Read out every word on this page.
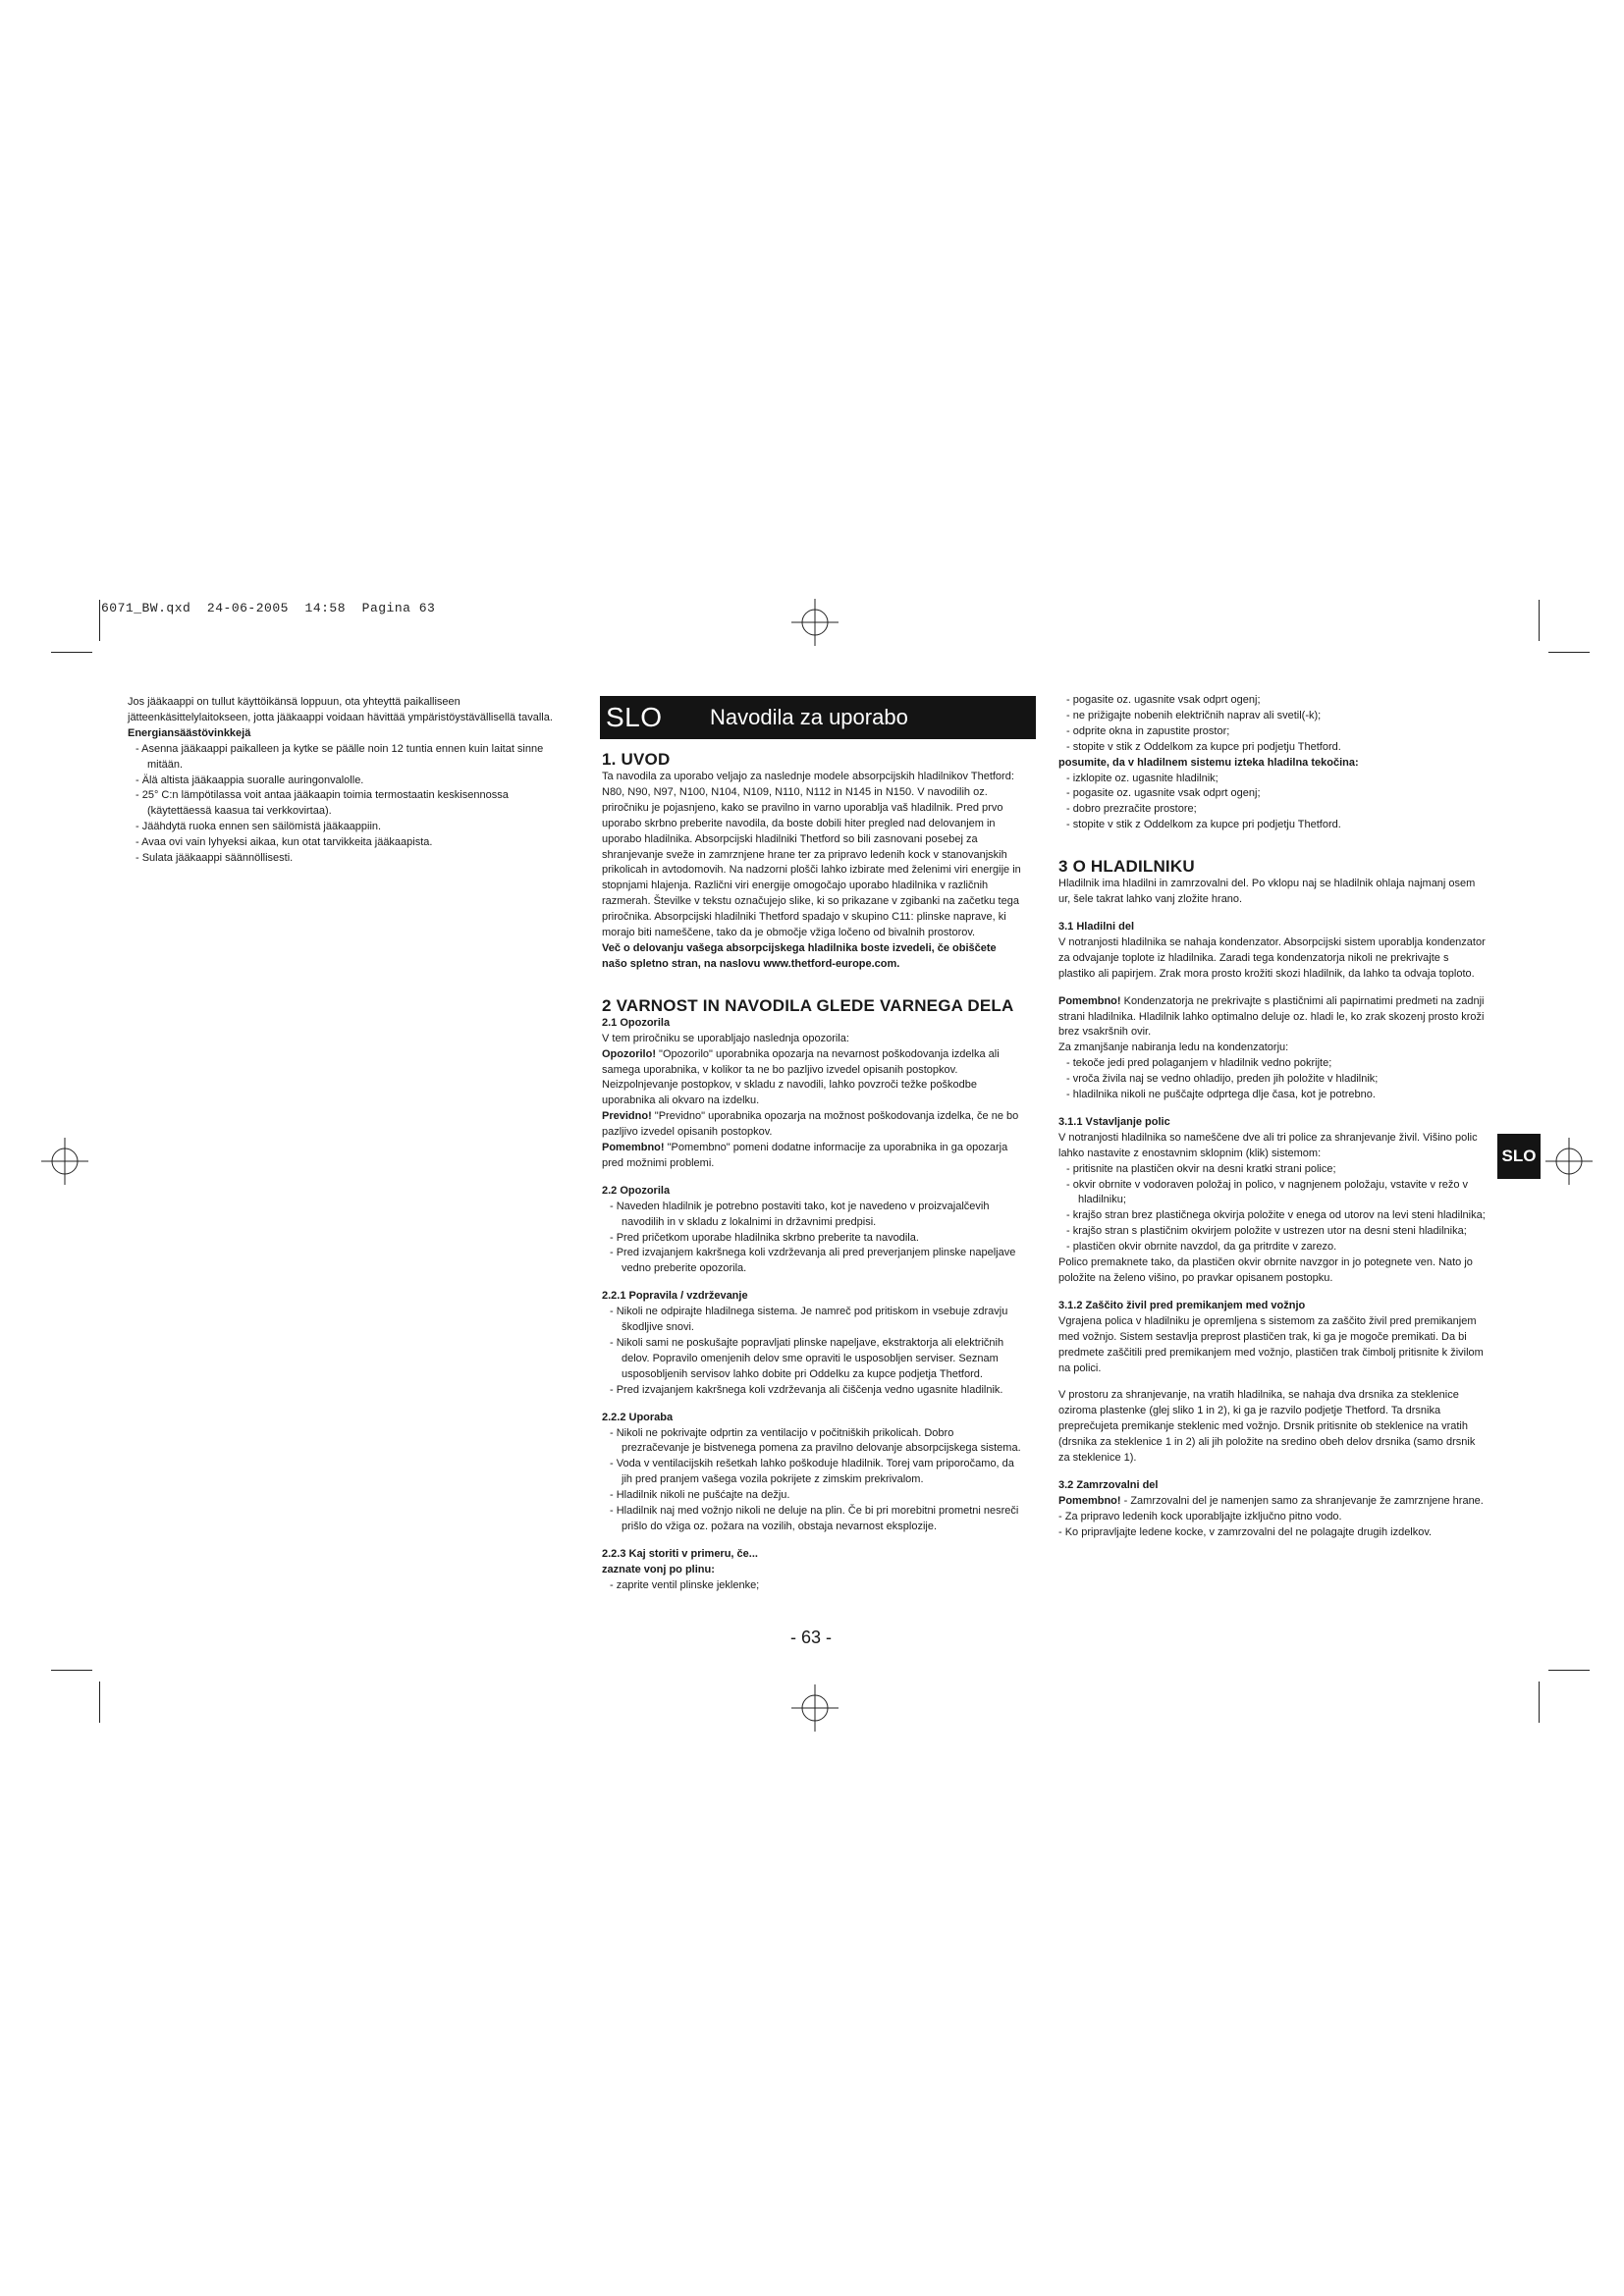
6071_BW.qxd  24-06-2005  14:58  Pagina 63
SLO

Jos jääkaappi on tullut käyttöikänsä loppuun, ota yhteyttä paikalliseen jätteenkäsittelylaitokseen, jotta jääkaappi voidaan hävittää ympäristöystävällisellä tavalla.

Energiansäästövinkkejä

- Asenna jääkaappi paikalleen ja kytke se päälle noin 12 tuntia ennen kuin laitat sinne mitään.

- Älä altista jääkaappia suoralle auringonvalolle.

- 25° C:n lämpötilassa voit antaa jääkaapin toimia termostaatin keskisennossa (käytettäessä kaasua tai verkkovirtaa).

- Jäähdytä ruoka ennen sen säilömistä jääkaappiin.

- Avaa ovi vain lyhyeksi aikaa, kun otat tarvikkeita jääkaapista.

- Sulata jääkaappi säännöllisesti.

SLO	Navodila za uporabo

1. UVOD

Ta navodila za uporabo veljajo za naslednje modele absorpcijskih hladilnikov Thetford: N80, N90, N97, N100, N104, N109, N110, N112 in N145 in N150. V navodilih oz. priročniku je pojasnjeno, kako se pravilno in varno uporablja vaš hladilnik. Pred prvo uporabo skrbno preberite navodila, da boste dobili hiter pregled nad delovanjem in uporabo hladilnika. Absorpcijski hladilniki Thetford so bili zasnovani posebej za shranjevanje sveže in zamrznjene hrane ter za pripravo ledenih kock v stanovanjskih prikolicah in avtodomovih. Na nadzorni plošči lahko izbirate med želenimi viri energije in stopnjami hlajenja. Različni viri energije omogočajo uporabo hladilnika v različnih razmerah. Številke v tekstu označujejo slike, ki so prikazane v zgibanki na začetku tega priročnika. Absorpcijski hladilniki Thetford spadajo v skupino C11: plinske naprave, ki morajo biti nameščene, tako da je območje vžiga ločeno od bivalnih prostorov.

Več o delovanju vašega absorpcijskega hladilnika boste izvedeli, če obiščete našo spletno stran, na naslovu www.thetford-europe.com.

2 VARNOST IN NAVODILA GLEDE VARNEGA DELA

2.1 Opozorila

V tem priročniku se uporabljajo naslednja opozorila:

Opozorilo! "Opozorilo" uporabnika opozarja na nevarnost poškodovanja izdelka ali samega uporabnika, v kolikor ta ne bo pazljivo izvedel opisanih postopkov. Neizpolnjevanje postopkov, v skladu z navodili, lahko povzroči težke poškodbe uporabnika ali okvaro na izdelku.

Previdno! "Previdno" uporabnika opozarja na možnost poškodovanja izdelka, če ne bo pazljivo izvedel opisanih postopkov.

Pomembno! "Pomembno" pomeni dodatne informacije za uporabnika in ga opozarja pred možnimi problemi.

2.2 Opozorila

- Naveden hladilnik je potrebno postaviti tako, kot je navedeno v proizvajalčevih navodilih in v skladu z lokalnimi in državnimi predpisi.

- Pred pričetkom uporabe hladilnika skrbno preberite ta navodila.

- Pred izvajanjem kakršnega koli vzdrževanja ali pred preverjanjem plinske napeljave vedno preberite opozorila.

2.2.1 Popravila / vzdrževanje

- Nikoli ne odpirajte hladilnega sistema. Je namreč pod pritiskom in vsebuje zdravju škodljive snovi.

- Nikoli sami ne poskušajte popravljati plinske napeljave, ekstraktorja ali električnih delov. Popravilo omenjenih delov sme opraviti le usposobljen serviser. Seznam usposobljenih servisov lahko dobite pri Oddelku za kupce podjetja Thetford.

- Pred izvajanjem kakršnega koli vzdrževanja ali čiščenja vedno ugasnite hladilnik.

2.2.2 Uporaba

- Nikoli ne pokrivajte odprtin za ventilacijo v počitniških prikolicah. Dobro prezračevanje je bistvenega pomena za pravilno delovanje absorpcijskega sistema.

- Voda v ventilacijskih rešetkah lahko poškoduje hladilnik. Torej vam priporočamo, da jih pred pranjem vašega vozila pokrijete z zimskim prekrivalom.

- Hladilnik nikoli ne pušćajte na dežju.

- Hladilnik naj med vožnjo nikoli ne deluje na plin. Če bi pri morebitni prometni nesreči prišlo do vžiga oz. požara na vozilih, obstaja nevarnost eksplozije.

2.2.3 Kaj storiti v primeru, če...

zaznate vonj po plinu:

- zaprite ventil plinske jeklenke;

- pogasite oz. ugasnite vsak odprt ogenj;

- ne prižigajte nobenih električnih naprav ali svetil(-k);

- odprite okna in zapustite prostor;

- stopite v stik z Oddelkom za kupce pri podjetju Thetford.

posumite, da v hladilnem sistemu izteka hladilna tekočina:

- izklopite oz. ugasnite hladilnik;

- pogasite oz. ugasnite vsak odprt ogenj;

- dobro prezračite prostore;

- stopite v stik z Oddelkom za kupce pri podjetju Thetford.

3 O HLADILNIKU

Hladilnik ima hladilni in zamrzovalni del. Po vklopu naj se hladilnik ohlaja najmanj osem ur, šele takrat lahko vanj zložite hrano.

3.1 Hladilni del

V notranjosti hladilnika se nahaja kondenzator. Absorpcijski sistem uporablja kondenzator za odvajanje toplote iz hladilnika. Zaradi tega kondenzatorja nikoli ne prekrivajte s plastiko ali papirjem. Zrak mora prosto krožiti skozi hladilnik, da lahko ta odvaja toploto.

Pomembno! Kondenzatorja ne prekrivajte s plastičnimi ali papirnatimi predmeti na zadnji strani hladilnika. Hladilnik lahko optimalno deluje oz. hladi le, ko zrak skozenj prosto kroži brez vsakršnih ovir.

Za zmanjšanje nabiranja ledu na kondenzatorju:

- tekoče jedi pred polaganjem v hladilnik vedno pokrijte;

- vroča živila naj se vedno ohladijo, preden jih položite v hladilnik;

- hladilnika nikoli ne puščajte odprtega dlje časa, kot je potrebno.

3.1.1 Vstavljanje polic

V notranjosti hladilnika so nameščene dve ali tri police za shranjevanje živil. Višino polic lahko nastavite z enostavnim sklopnim (klik) sistemom:

- pritisnite na plastičen okvir na desni kratki strani police;

- okvir obrnite v vodoraven položaj in polico, v nagnjenem položaju, vstavite v režo v hladilniku;

- krajšo stran brez plastičnega okvirja položite v enega od utorov na levi steni hladilnika;

- krajšo stran s plastičnim okvirjem položite v ustrezen utor na desni steni hladilnika;

- plastičen okvir obrnite navzdol, da ga pritrdite v zarezo.

Polico premaknete tako, da plastičen okvir obrnite navzgor in jo potegnete ven. Nato jo položite na želeno višino, po pravkar opisanem postopku.

3.1.2 Zaščito živil pred premikanjem med vožnjo

Vgrajena polica v hladilniku je opremljena s sistemom za zaščito živil pred premikanjem med vožnjo. Sistem sestavlja preprost plastičen trak, ki ga je mogoče premikati. Da bi predmete zaščitili pred premikanjem med vožnjo, plastičen trak čimbolj pritisnite k živilom na polici.

V prostoru za shranjevanje, na vratih hladilnika, se nahaja dva drsnika za steklenice oziroma plastenke (glej sliko 1 in 2), ki ga je razvilo podjetje Thetford. Ta drsnika preprečujeta premikanje steklenic med vožnjo. Drsnik pritisnite ob steklenice na vratih (drsnika za steklenice 1 in 2) ali jih položite na sredino obeh delov drsnika (samo drsnik za steklenice 1).

3.2 Zamrzovalni del

Pomembno! - Zamrzovalni del je namenjen samo za shranjevanje že zamrznjene hrane.

- Za pripravo ledenih kock uporabljajte izključno pitno vodo.

- Ko pripravljajte ledene kocke, v zamrzovalni del ne polagajte drugih izdelkov.

- 63 -
